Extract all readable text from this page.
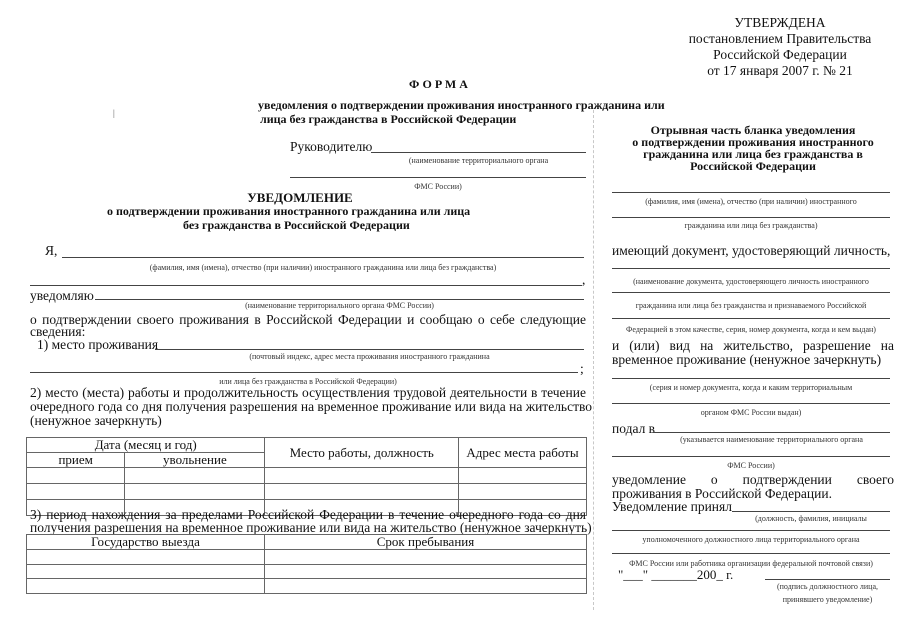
УТВЕРЖДЕНА
постановлением Правительства
Российской Федерации
от 17 января 2007 г. № 21
ФОРМА
уведомления о подтверждении проживания иностранного гражданина или
лица без гражданства в Российской Федерации
|
Руководителю
(наименование территориального органа
ФМС России)
УВЕДОМЛЕНИЕ
о подтверждении проживания иностранного гражданина или лица
без гражданства в Российской Федерации
Я,
(фамилия, имя (имена), отчество (при наличии) иностранного гражданина или лица без гражданства)
,
уведомляю
(наименование территориального органа ФМС России)
о подтверждении своего проживания в Российской Федерации и сообщаю о себе следующие
сведения:
1) место проживания
(почтовый индекс, адрес места проживания иностранного гражданина
;
или лица без гражданства в Российской Федерации)
2) место (места) работы и продолжительность осуществления трудовой деятельности в течение
очередного года со дня получения разрешения на временное проживание или вида на жительство
(ненужное зачеркнуть)
Дата (месяц и год)		Место работы, должность	Адрес места работы
прием	увольнение		

3) период нахождения за пределами Российской Федерации в течение очередного года со дня
получения разрешения на временное проживание или вида на жительство (ненужное зачеркнуть)
Государство выезда	Срок пребывания

Отрывная часть бланка уведомления
о подтверждении проживания иностранного
гражданина или лица без гражданства в
Российской Федерации
(фамилия, имя (имена), отчество (при наличии) иностранного
гражданина или лица без гражданства)
имеющий документ, удостоверяющий личность,
(наименование документа, удостоверяющего личность иностранного
гражданина или лица без гражданства и признаваемого Российской
Федерацией в этом качестве, серия, номер документа, когда и кем выдан)
и (или) вид на жительство, разрешение на
временное проживание (ненужное зачеркнуть)
(серия и номер документа, когда и каким территориальным
органом ФМС России выдан)
подал в
(указывается наименование территориального органа
ФМС России)
уведомление о подтверждении своего
проживания в Российской Федерации.
Уведомление принял
(должность, фамилия, инициалы
уполномоченного должностного лица территориального органа
ФМС России или работника организации федеральной почтовой связи)
"___" _______200_ г.
(подпись должностного лица,
принявшего уведомление)
